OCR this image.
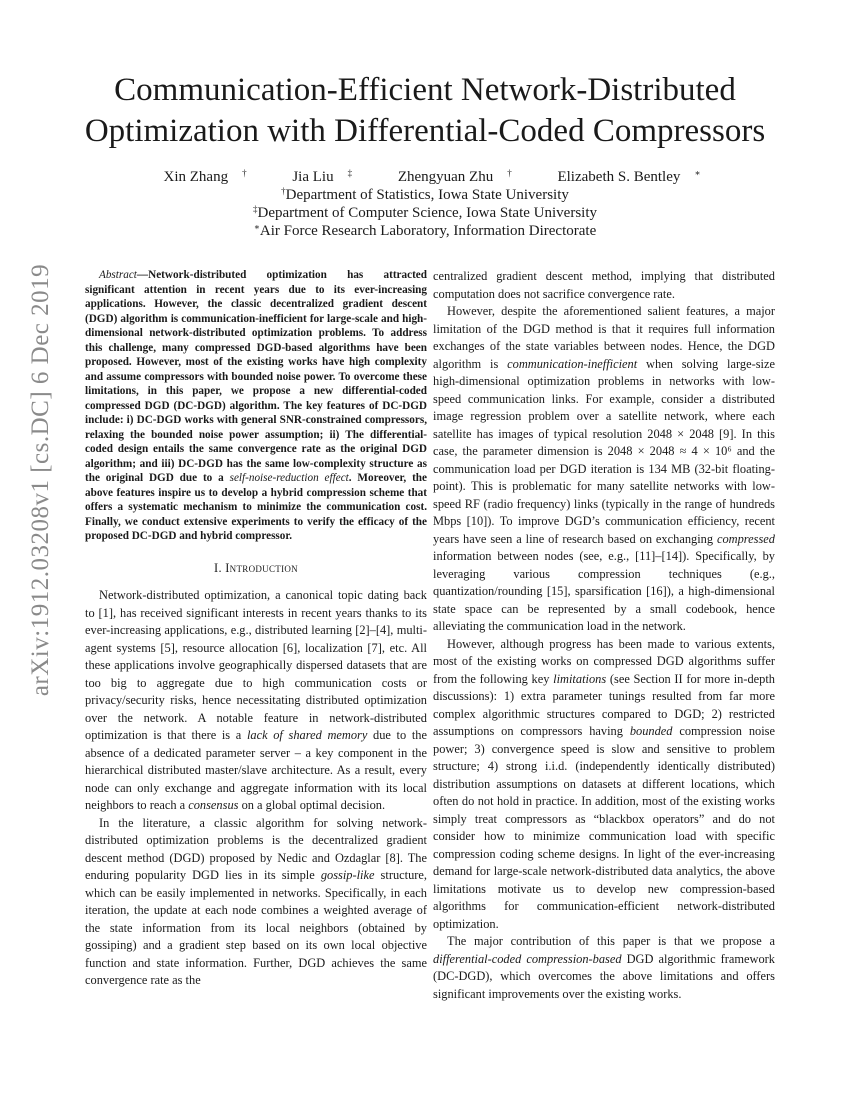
Communication-Efficient Network-Distributed
Optimization with Differential-Coded Compressors
Xin Zhang †	Jia Liu ‡	Zhengyuan Zhu †	Elizabeth S. Bentley ∗
†Department of Statistics, Iowa State University
‡Department of Computer Science, Iowa State University
∗Air Force Research Laboratory, Information Directorate
arXiv:1912.03208v1 [cs.DC] 6 Dec 2019	Abstract—Network-distributed optimization has attracted significant attention in recent years due to its ever-increasing applications. However, the classic decentralized gradient descent (DGD) algorithm is communication-inefficient for large-scale and high-dimensional network-distributed optimization problems. To address this challenge, many compressed DGD-based algorithms have been proposed. However, most of the existing works have high complexity and assume compressors with bounded noise power. To overcome these limitations, in this paper, we propose a new differential-coded compressed DGD (DC-DGD) algorithm. The key features of DC-DGD include: i) DC-DGD works with general SNR-constrained compressors, relaxing the bounded noise power assumption; ii) The differential-coded design entails the same convergence rate as the original DGD algorithm; and iii) DC-DGD has the same low-complexity structure as the original DGD due to a self-noise-reduction effect. Moreover, the above features inspire us to develop a hybrid compression scheme that offers a systematic mechanism to minimize the communication cost. Finally, we conduct extensive experiments to verify the efficacy of the proposed DC-DGD and hybrid compressor.

I. Introduction

Network-distributed optimization, a canonical topic dating back to [1], has received significant interests in recent years thanks to its ever-increasing applications, e.g., distributed learning [2]–[4], multi-agent systems [5], resource allocation [6], localization [7], etc. All these applications involve geographically dispersed datasets that are too big to aggregate due to high communication costs or privacy/security risks, hence necessitating distributed optimization over the network. A notable feature in network-distributed optimization is that there is a lack of shared memory due to the absence of a dedicated parameter server – a key component in the hierarchical distributed master/slave architecture. As a result, every node can only exchange and aggregate information with its local neighbors to reach a consensus on a global optimal decision.

In the literature, a classic algorithm for solving network-distributed optimization problems is the decentralized gradient descent method (DGD) proposed by Nedic and Ozdaglar [8]. The enduring popularity DGD lies in its simple gossip-like structure, which can be easily implemented in networks. Specifically, in each iteration, the update at each node combines a weighted average of the state information from its local neighbors (obtained by gossiping) and a gradient step based on its own local objective function and state information. Further, DGD achieves the same convergence rate as the

centralized gradient descent method, implying that distributed computation does not sacrifice convergence rate.

However, despite the aforementioned salient features, a major limitation of the DGD method is that it requires full information exchanges of the state variables between nodes. Hence, the DGD algorithm is communication-inefficient when solving large-size high-dimensional optimization problems in networks with low-speed communication links. For example, consider a distributed image regression problem over a satellite network, where each satellite has images of typical resolution 2048 × 2048 [9]. In this case, the parameter dimension is 2048 × 2048 ≈ 4 × 10⁶ and the communication load per DGD iteration is 134 MB (32-bit floating-point). This is problematic for many satellite networks with low-speed RF (radio frequency) links (typically in the range of hundreds Mbps [10]). To improve DGD’s communication efficiency, recent years have seen a line of research based on exchanging compressed information between nodes (see, e.g., [11]–[14]). Specifically, by leveraging various compression techniques (e.g., quantization/rounding [15], sparsification [16]), a high-dimensional state space can be represented by a small codebook, hence alleviating the communication load in the network.

However, although progress has been made to various extents, most of the existing works on compressed DGD algorithms suffer from the following key limitations (see Section II for more in-depth discussions): 1) extra parameter tunings resulted from far more complex algorithmic structures compared to DGD; 2) restricted assumptions on compressors having bounded compression noise power; 3) convergence speed is slow and sensitive to problem structure; 4) strong i.i.d. (independently identically distributed) distribution assumptions on datasets at different locations, which often do not hold in practice. In addition, most of the existing works simply treat compressors as “blackbox operators” and do not consider how to minimize communication load with specific compression coding scheme designs. In light of the ever-increasing demand for large-scale network-distributed data analytics, the above limitations motivate us to develop new compression-based algorithms for communication-efficient network-distributed optimization.

The major contribution of this paper is that we propose a differential-coded compression-based DGD algorithmic framework (DC-DGD), which overcomes the above limitations and offers significant improvements over the existing works.
